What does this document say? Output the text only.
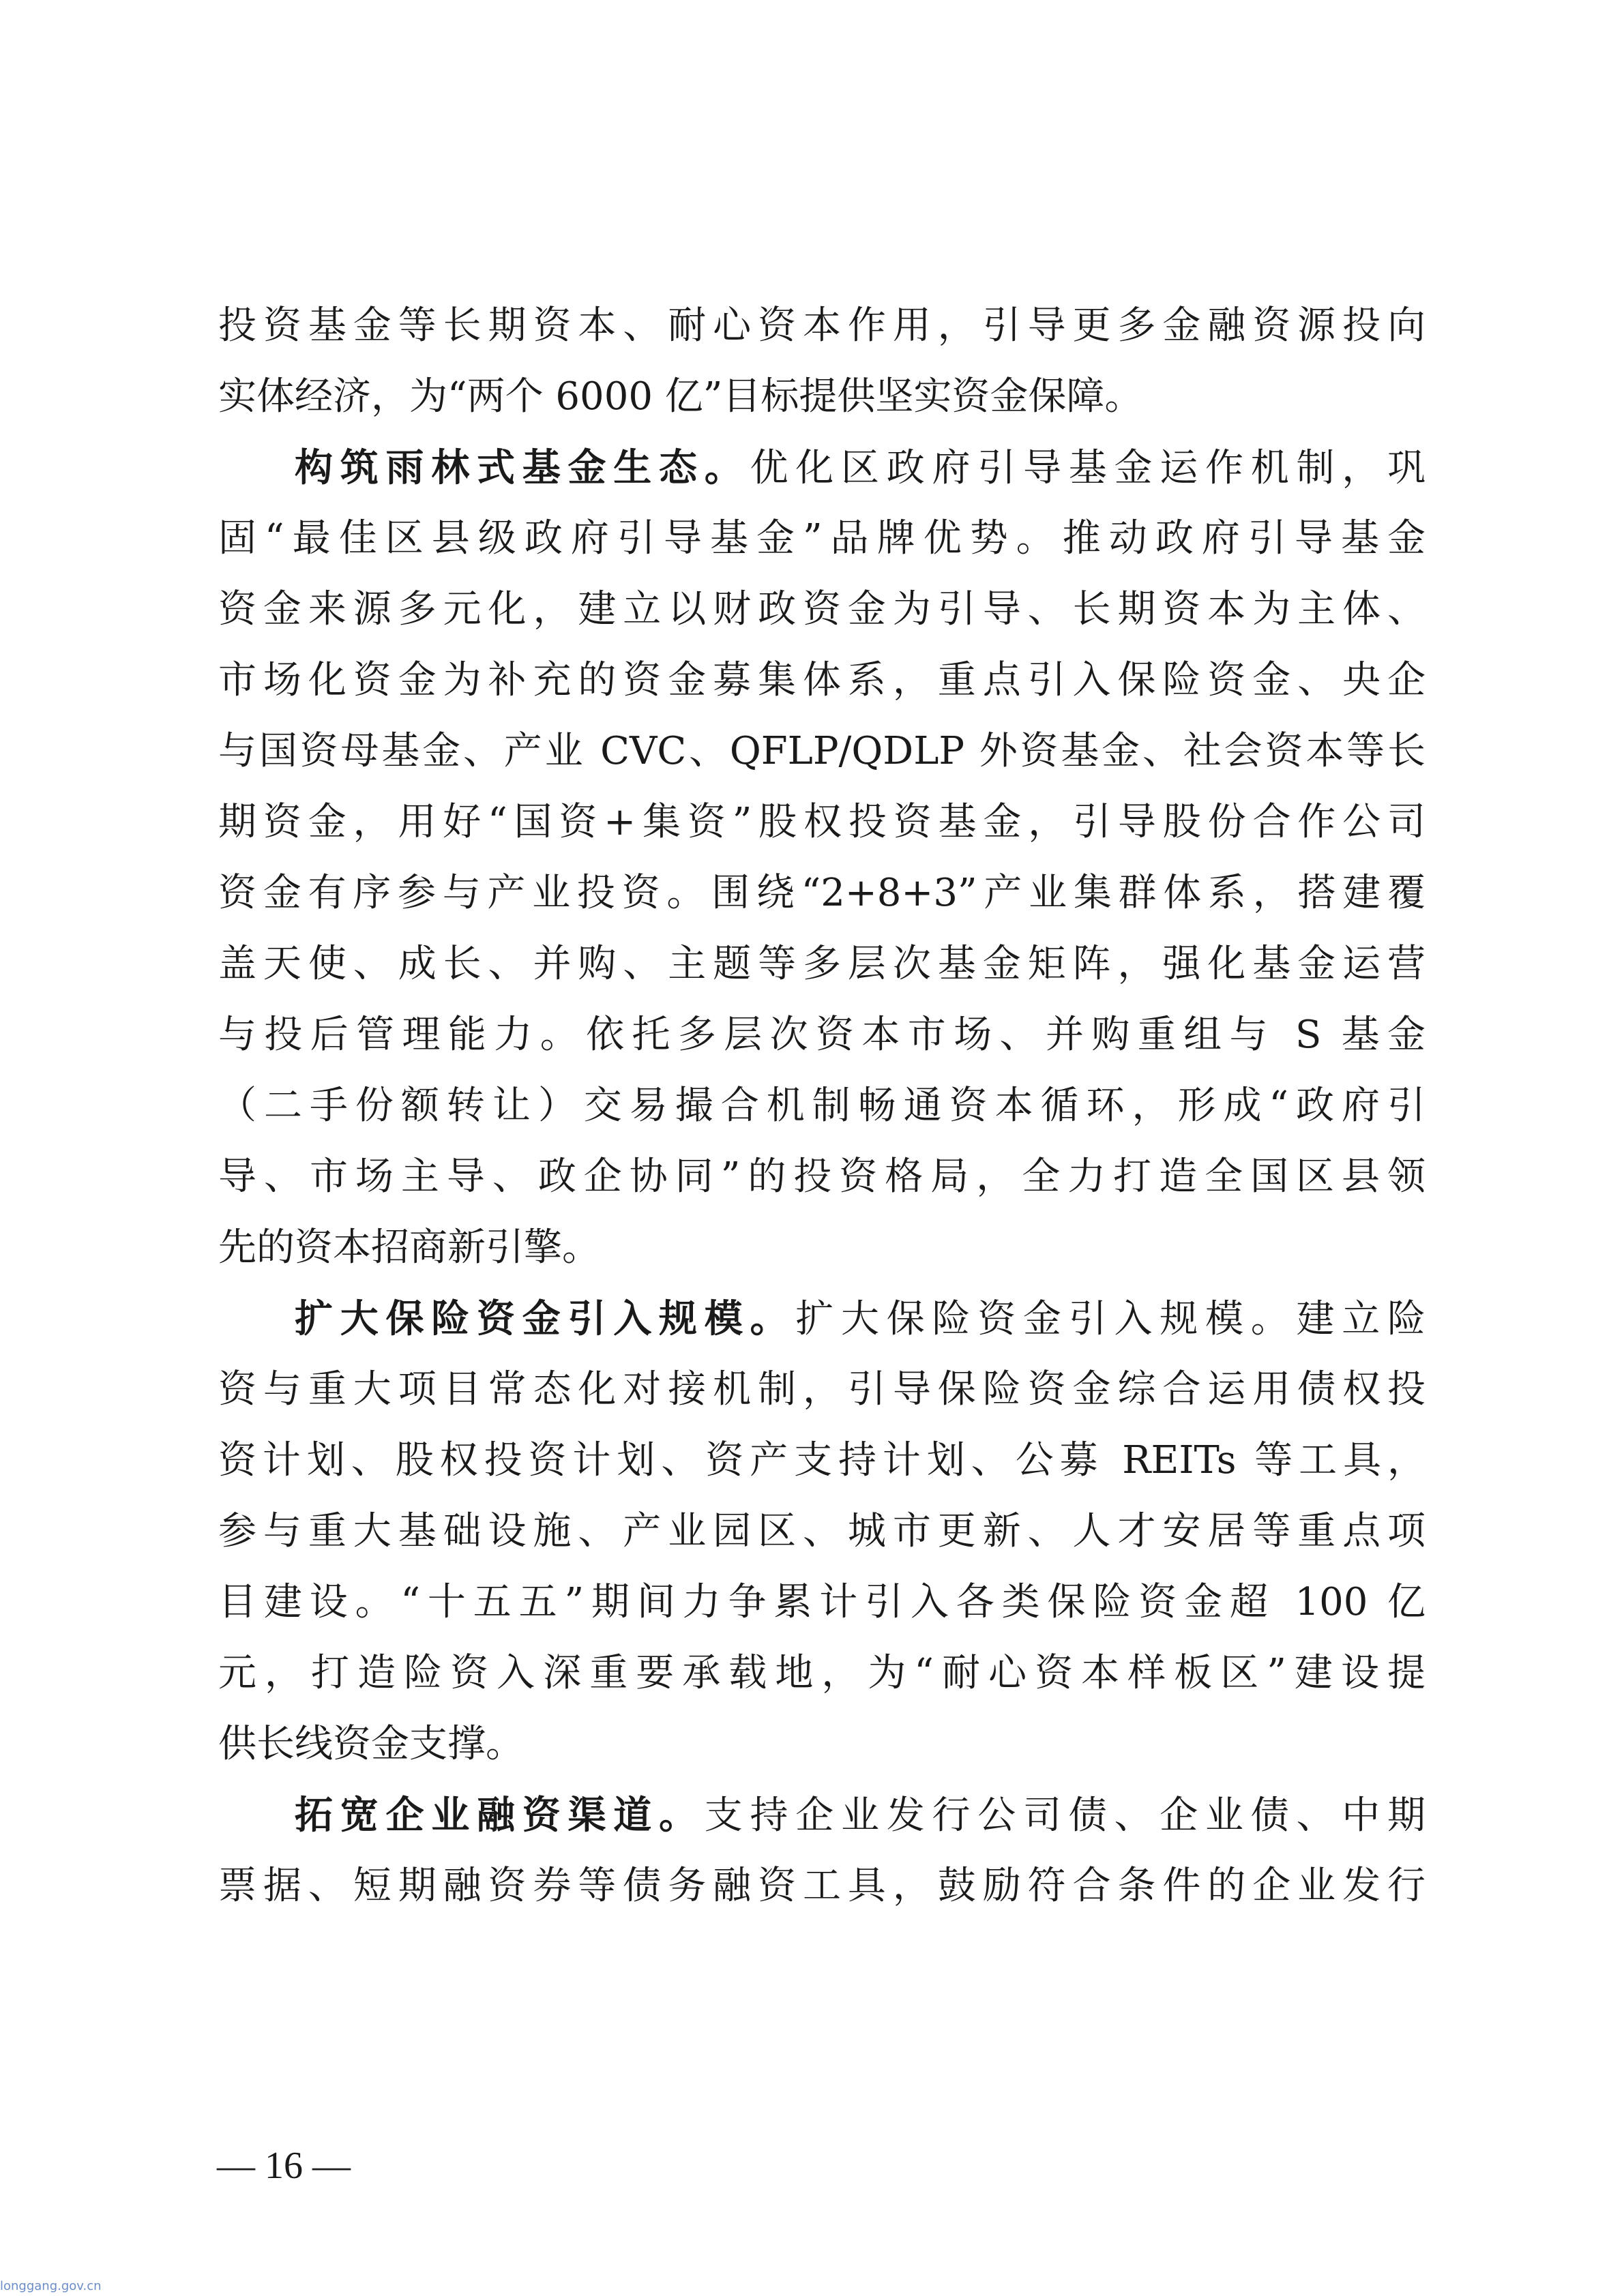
投资基金等长期资本、耐心资本作用，引导更多金融资源投向
实体经济，为“两个 6000 亿”目标提供坚实资金保障。
构筑雨林式基金生态。优化区政府引导基金运作机制，巩
固“最佳区县级政府引导基金”品牌优势。推动政府引导基金
资金来源多元化，建立以财政资金为引导、长期资本为主体、
市场化资金为补充的资金募集体系，重点引入保险资金、央企
与国资母基金、产业 CVC、QFLP/QDLP 外资基金、社会资本等长
期资金，用好“国资+集资”股权投资基金，引导股份合作公司
资金有序参与产业投资。围绕“2+8+3”产业集群体系，搭建覆
盖天使、成长、并购、主题等多层次基金矩阵，强化基金运营
与投后管理能力。依托多层次资本市场、并购重组与 S 基金
（二手份额转让）交易撮合机制畅通资本循环，形成“政府引
导、市场主导、政企协同”的投资格局，全力打造全国区县领
先的资本招商新引擎。
扩大保险资金引入规模。扩大保险资金引入规模。建立险
资与重大项目常态化对接机制，引导保险资金综合运用债权投
资计划、股权投资计划、资产支持计划、公募 REITs 等工具，
参与重大基础设施、产业园区、城市更新、人才安居等重点项
目建设。“十五五”期间力争累计引入各类保险资金超 100 亿
元，打造险资入深重要承载地，为“耐心资本样板区”建设提
供长线资金支撑。
拓宽企业融资渠道。支持企业发行公司债、企业债、中期
票据、短期融资券等债务融资工具，鼓励符合条件的企业发行
— 16 —
longgang.gov.cn
